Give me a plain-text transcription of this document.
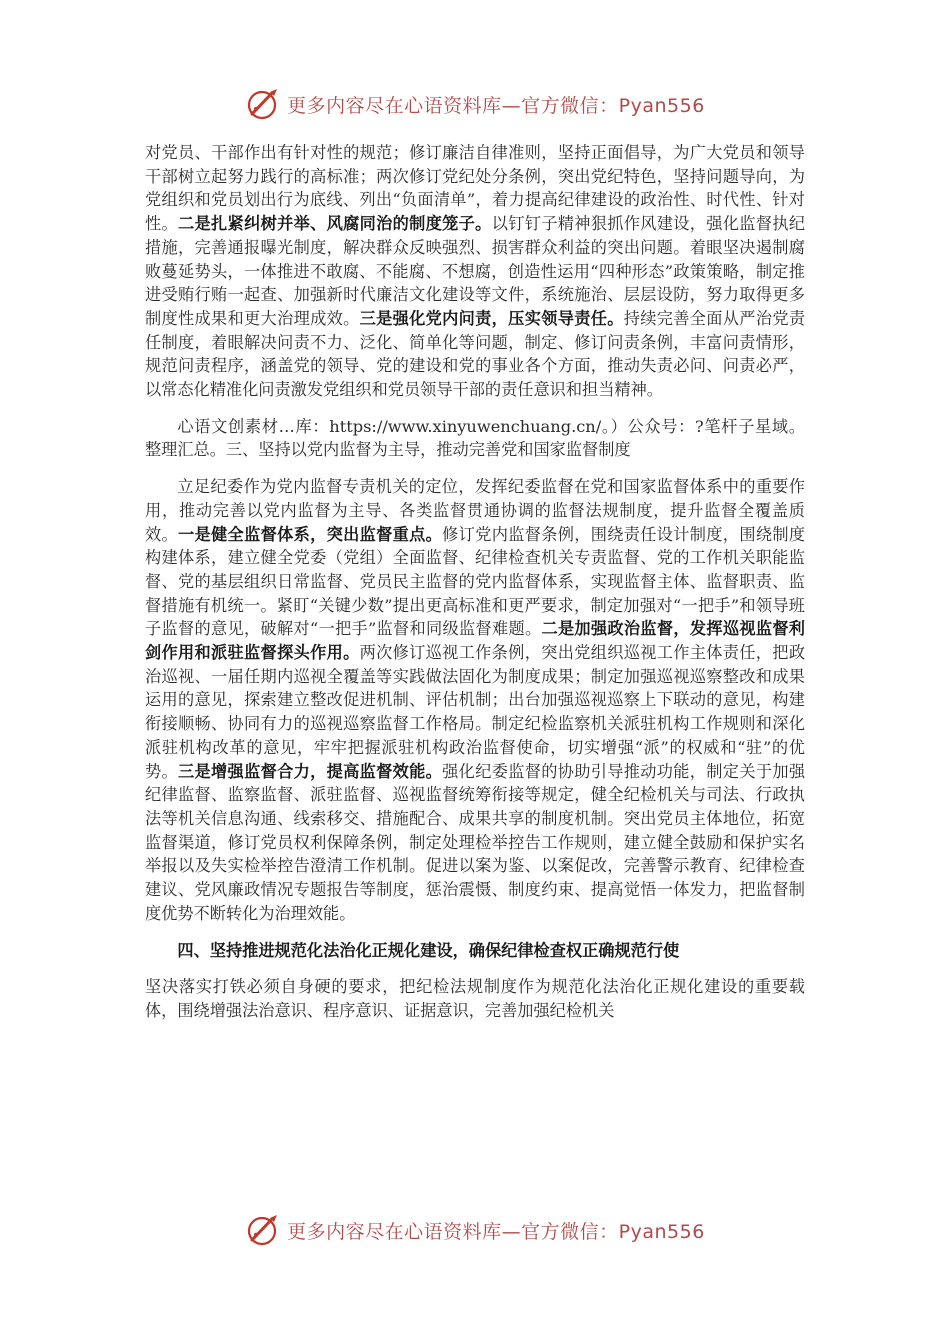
更多内容尽在心语资料库—官方微信：Pyan556

对党员、干部作出有针对性的规范；修订廉洁自律准则，坚持正面倡导，为广大党员和领导干部树立起努力践行的高标准；两次修订党纪处分条例，突出党纪特色，坚持问题导向，为党组织和党员划出行为底线、列出“负面清单”，着力提高纪律建设的政治性、时代性、针对性。二是扎紧纠树并举、风腐同治的制度笼子。以钉钉子精神狠抓作风建设，强化监督执纪措施，完善通报曝光制度，解决群众反映强烈、损害群众利益的突出问题。着眼坚决遏制腐败蔓延势头，一体推进不敢腐、不能腐、不想腐，创造性运用“四种形态”政策策略，制定推进受贿行贿一起查、加强新时代廉洁文化建设等文件，系统施治、层层设防，努力取得更多制度性成果和更大治理成效。三是强化党内问责，压实领导责任。持续完善全面从严治党责任制度，着眼解决问责不力、泛化、简单化等问题，制定、修订问责条例，丰富问责情形，规范问责程序，涵盖党的领导、党的建设和党的事业各个方面，推动失责必问、问责必严，以常态化精准化问责激发党组织和党员领导干部的责任意识和担当精神。

心语文创素材…库：https://www.xinyuwenchuang.cn/。）公众号：?笔杆子星域。整理汇总。三、坚持以党内监督为主导，推动完善党和国家监督制度

立足纪委作为党内监督专责机关的定位，发挥纪委监督在党和国家监督体系中的重要作用，推动完善以党内监督为主导、各类监督贯通协调的监督法规制度，提升监督全覆盖质效。一是健全监督体系，突出监督重点。修订党内监督条例，围绕责任设计制度，围绕制度构建体系，建立健全党委（党组）全面监督、纪律检查机关专责监督、党的工作机关职能监督、党的基层组织日常监督、党员民主监督的党内监督体系，实现监督主体、监督职责、监督措施有机统一。紧盯“关键少数”提出更高标准和更严要求，制定加强对“一把手”和领导班子监督的意见，破解对“一把手”监督和同级监督难题。二是加强政治监督，发挥巡视监督利剑作用和派驻监督探头作用。两次修订巡视工作条例，突出党组织巡视工作主体责任，把政治巡视、一届任期内巡视全覆盖等实践做法固化为制度成果；制定加强巡视巡察整改和成果运用的意见，探索建立整改促进机制、评估机制；出台加强巡视巡察上下联动的意见，构建衔接顺畅、协同有力的巡视巡察监督工作格局。制定纪检监察机关派驻机构工作规则和深化派驻机构改革的意见，牢牢把握派驻机构政治监督使命，切实增强“派”的权威和“驻”的优势。三是增强监督合力，提高监督效能。强化纪委监督的协助引导推动功能，制定关于加强纪律监督、监察监督、派驻监督、巡视监督统筹衔接等规定，健全纪检机关与司法、行政执法等机关信息沟通、线索移交、措施配合、成果共享的制度机制。突出党员主体地位，拓宽监督渠道，修订党员权利保障条例，制定处理检举控告工作规则，建立健全鼓励和保护实名举报以及失实检举控告澄清工作机制。促进以案为鉴、以案促改，完善警示教育、纪律检查建议、党风廉政情况专题报告等制度，惩治震慑、制度约束、提高觉悟一体发力，把监督制度优势不断转化为治理效能。

四、坚持推进规范化法治化正规化建设，确保纪律检查权正确规范行使

坚决落实打铁必须自身硬的要求，把纪检法规制度作为规范化法治化正规化建设的重要载体，围绕增强法治意识、程序意识、证据意识，完善加强纪检机关

更多内容尽在心语资料库—官方微信：Pyan556
